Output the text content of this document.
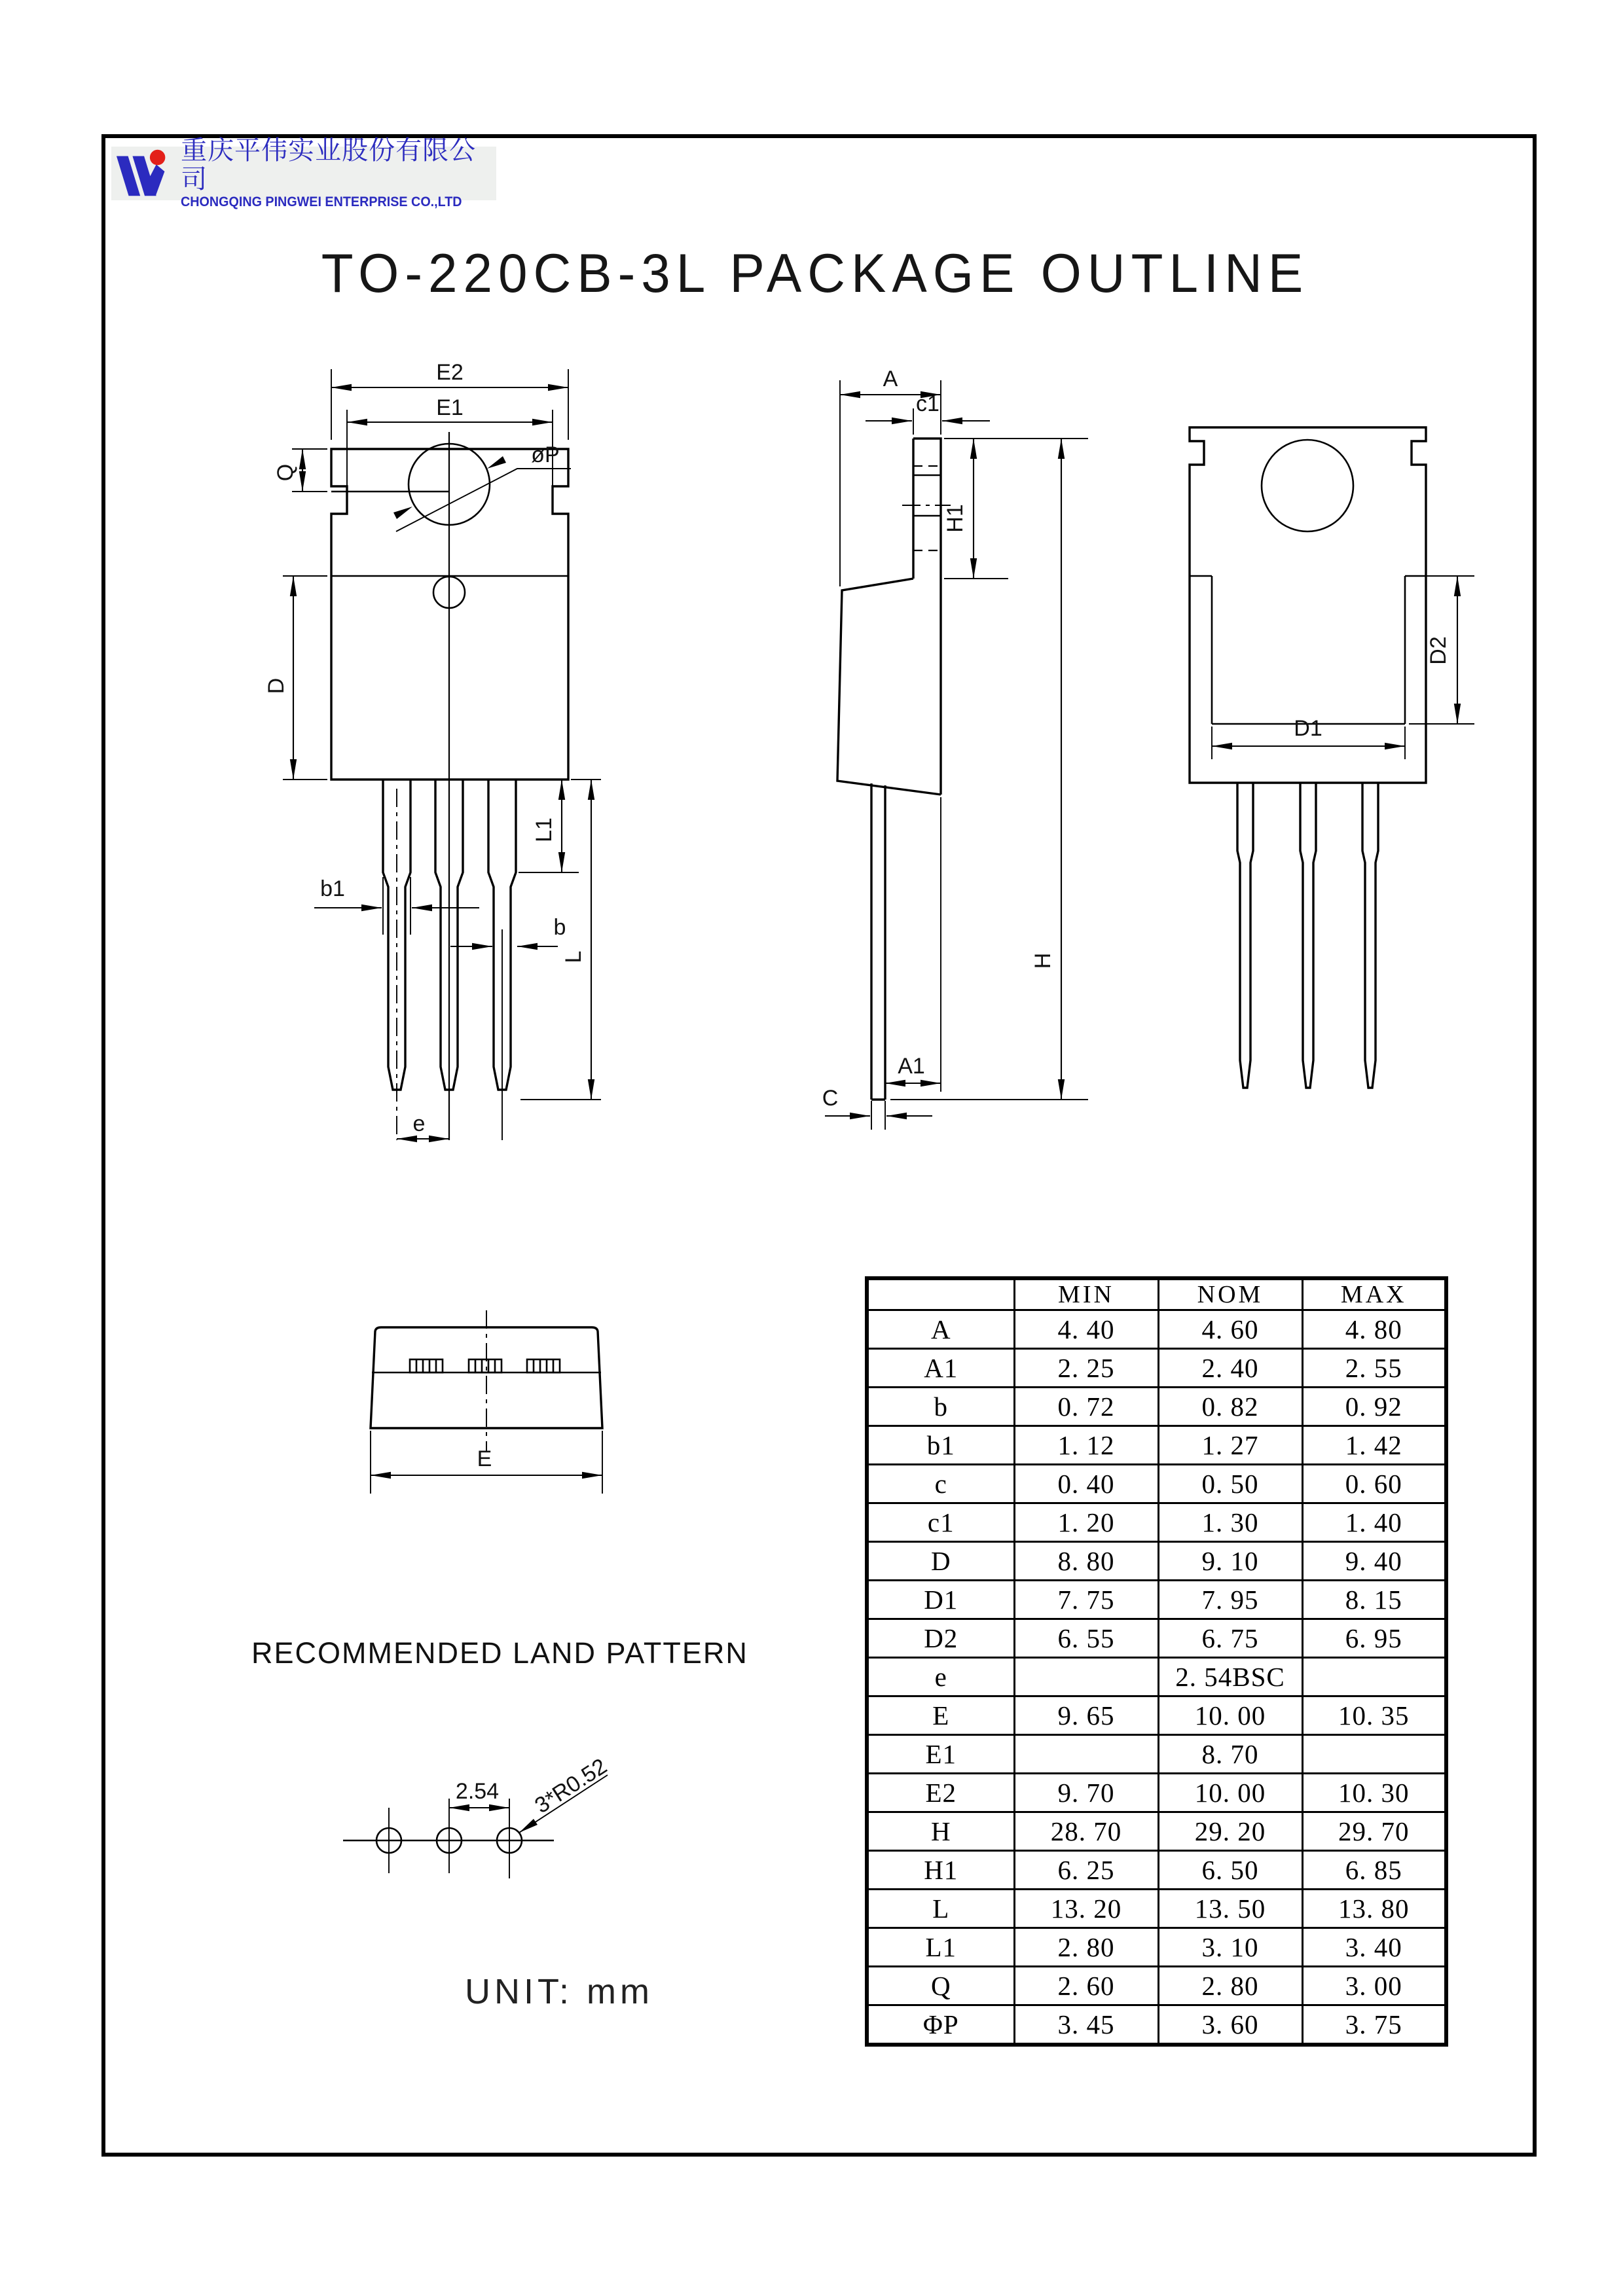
重庆平伟实业股份有限公司
CHONGQING PINGWEI ENTERPRISE CO.,LTD
TO-220CB-3L PACKAGE OUTLINE
RECOMMENDED LAND PATTERN
UNIT: mm
	MIN	NOM	MAX
A	4. 40	4. 60	4. 80
A1	2. 25	2. 40	2. 55
b	0. 72	0. 82	0. 92
b1	1. 12	1. 27	1. 42
c	0. 40	0. 50	0. 60
c1	1. 20	1. 30	1. 40
D	8. 80	9. 10	9. 40
D1	7. 75	7. 95	8. 15
D2	6. 55	6. 75	6. 95
e		2. 54BSC	
E	9. 65	10. 00	10. 35
E1		8. 70	
E2	9. 70	10. 00	10. 30
H	28. 70	29. 20	29. 70
H1	6. 25	6. 50	6. 85
L	13. 20	13. 50	13. 80
L1	2. 80	3. 10	3. 40
Q	2. 60	2. 80	3. 00
ΦP	3. 45	3. 60	3. 75
E2
E1
Q
øP
D
L1
L
b1
b
e
A
c1
H1
H
A1
C
D2
D1
E
2.54 3*R0.52
